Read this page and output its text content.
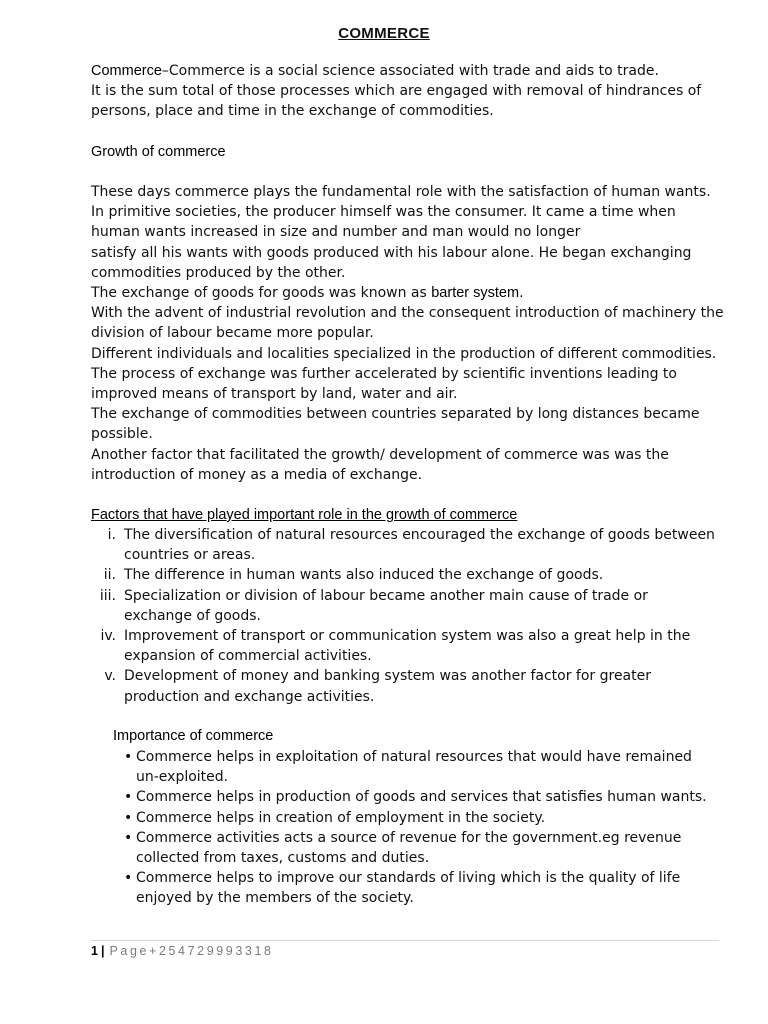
COMMERCE
Commerce–Commerce is a social science associated with trade and aids to trade.
It is the sum total of those processes which are engaged with removal of hindrances of
persons, place and time in the exchange of commodities.
Growth of commerce
These days commerce plays the fundamental role with the satisfaction of human wants.
In primitive societies, the producer himself was the consumer. It came a time when
human wants increased in size and number and man would no longer
satisfy all his wants with goods produced with his labour alone. He began exchanging
commodities produced by the other.
The exchange of goods for goods was known as barter system.
With the advent of industrial revolution and the consequent introduction of machinery the
division of labour became more popular.
Different individuals and localities specialized in the production of different commodities.
The process of exchange was further accelerated by scientific inventions leading to
improved means of transport by land, water and air.
The exchange of commodities between countries separated by long distances became
possible.
Another factor that facilitated the growth/ development of commerce was was the
introduction of money as a media of exchange.
Factors that have played important role in the growth of commerce
i. The diversification of natural resources encouraged the exchange of goods between
countries or areas.
ii. The difference in human wants also induced the exchange of goods.
iii. Specialization or division of labour became another main cause of trade or
exchange of goods.
iv. Improvement of transport or communication system was also a great help in the
expansion of commercial activities.
v. Development of money and banking system was another factor for greater
production and exchange activities.
Importance of commerce
• Commerce helps in exploitation of natural resources that would have remained
un-exploited.
• Commerce helps in production of goods and services that satisfies human wants.
• Commerce helps in creation of employment in the society.
• Commerce activities acts a source of revenue for the government.eg revenue
collected from taxes, customs and duties.
• Commerce helps to improve our standards of living which is the quality of life
enjoyed by the members of the society.
1 | Page+254729993318
